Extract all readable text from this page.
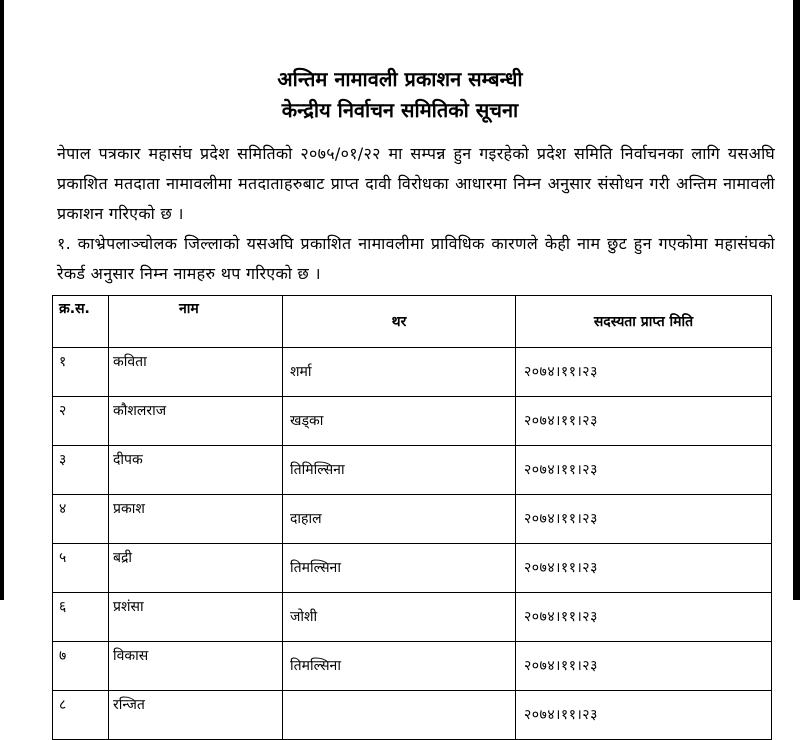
अन्तिम नामावली प्रकाशन सम्बन्धी
केन्द्रीय निर्वाचन समितिको सूचना
नेपाल पत्रकार महासंघ प्रदेश समितिको २०७५/०१/२२ मा सम्पन्न हुन गइरहेको प्रदेश समिति निर्वाचनका लागि यसअघि प्रकाशित मतदाता नामावलीमा मतदाताहरुबाट प्राप्त दावी विरोधका आधारमा निम्न अनुसार संसोधन गरी अन्तिम नामावली प्रकाशन गरिएको छ ।
१. काभ्रेपलाञ्चोलक जिल्लाको यसअघि प्रकाशित नामावलीमा प्राविधिक कारणले केही नाम छुट हुन गएकोमा महासंघको रेकर्ड अनुसार निम्न नामहरु थप गरिएको छ ।
क्र.स.	नाम	थर	सदस्यता प्राप्त मिति
१	कविता	शर्मा	२०७४।११।२३
२	कौशलराज	खड्का	२०७४।११।२३
३	दीपक	तिमिल्सिना	२०७४।११।२३
४	प्रकाश	दाहाल	२०७४।११।२३
५	बद्री	तिमल्सिना	२०७४।११।२३
६	प्रशंसा	जोशी	२०७४।११।२३
७	विकास	तिमल्सिना	२०७४।११।२३
८	रन्जित		२०७४।११।२३
